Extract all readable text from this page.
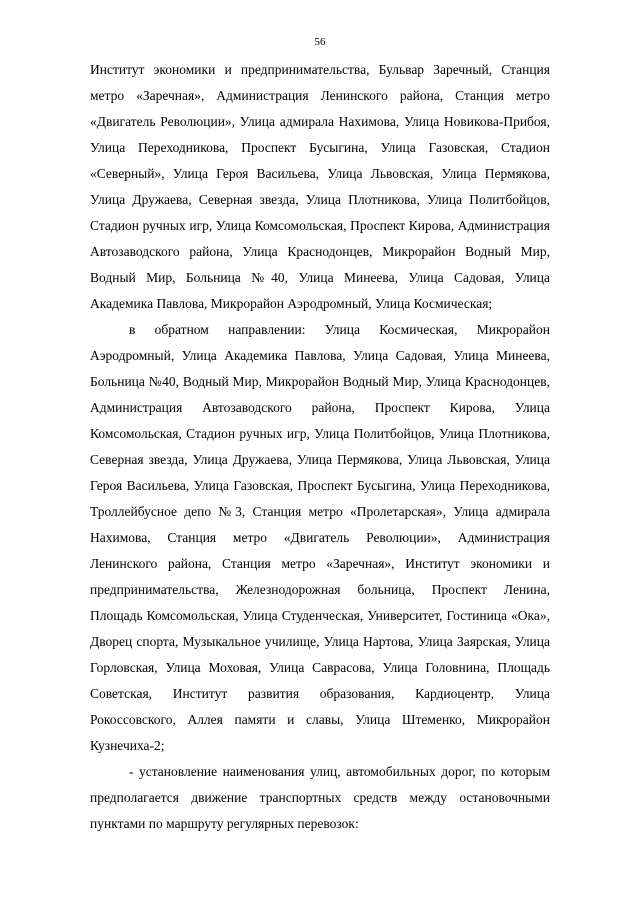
56

Институт экономики и предпринимательства, Бульвар Заречный, Станция метро «Заречная», Администрация Ленинского района, Станция метро «Двигатель Революции», Улица адмирала Нахимова, Улица Новикова-Прибоя, Улица Переходникова, Проспект Бусыгина, Улица Газовская, Стадион «Северный», Улица Героя Васильева, Улица Львовская, Улица Пермякова, Улица Дружаева, Северная звезда, Улица Плотникова, Улица Политбойцов, Стадион ручных игр, Улица Комсомольская, Проспект Кирова, Администрация Автозаводского района, Улица Краснодонцев, Микрорайон Водный Мир, Водный Мир, Больница №40, Улица Минеева, Улица Садовая, Улица Академика Павлова, Микрорайон Аэродромный, Улица Космическая;

в обратном направлении: Улица Космическая, Микрорайон Аэродромный, Улица Академика Павлова, Улица Садовая, Улица Минеева, Больница №40, Водный Мир, Микрорайон Водный Мир, Улица Краснодонцев, Администрация Автозаводского района, Проспект Кирова, Улица Комсомольская, Стадион ручных игр, Улица Политбойцов, Улица Плотникова, Северная звезда, Улица Дружаева, Улица Пермякова, Улица Львовская, Улица Героя Васильева, Улица Газовская, Проспект Бусыгина, Улица Переходникова, Троллейбусное депо №3, Станция метро «Пролетарская», Улица адмирала Нахимова, Станция метро «Двигатель Революции», Администрация Ленинского района, Станция метро «Заречная», Институт экономики и предпринимательства, Железнодорожная больница, Проспект Ленина, Площадь Комсомольская, Улица Студенческая, Университет, Гостиница «Ока», Дворец спорта, Музыкальное училище, Улица Нартова, Улица Заярская, Улица Горловская, Улица Моховая, Улица Саврасова, Улица Головнина, Площадь Советская, Институт развития образования, Кардиоцентр, Улица Рокоссовского, Аллея памяти и славы, Улица Штеменко, Микрорайон Кузнечиха-2;

- установление наименования улиц, автомобильных дорог, по которым предполагается движение транспортных средств между остановочными пунктами по маршруту регулярных перевозок:
